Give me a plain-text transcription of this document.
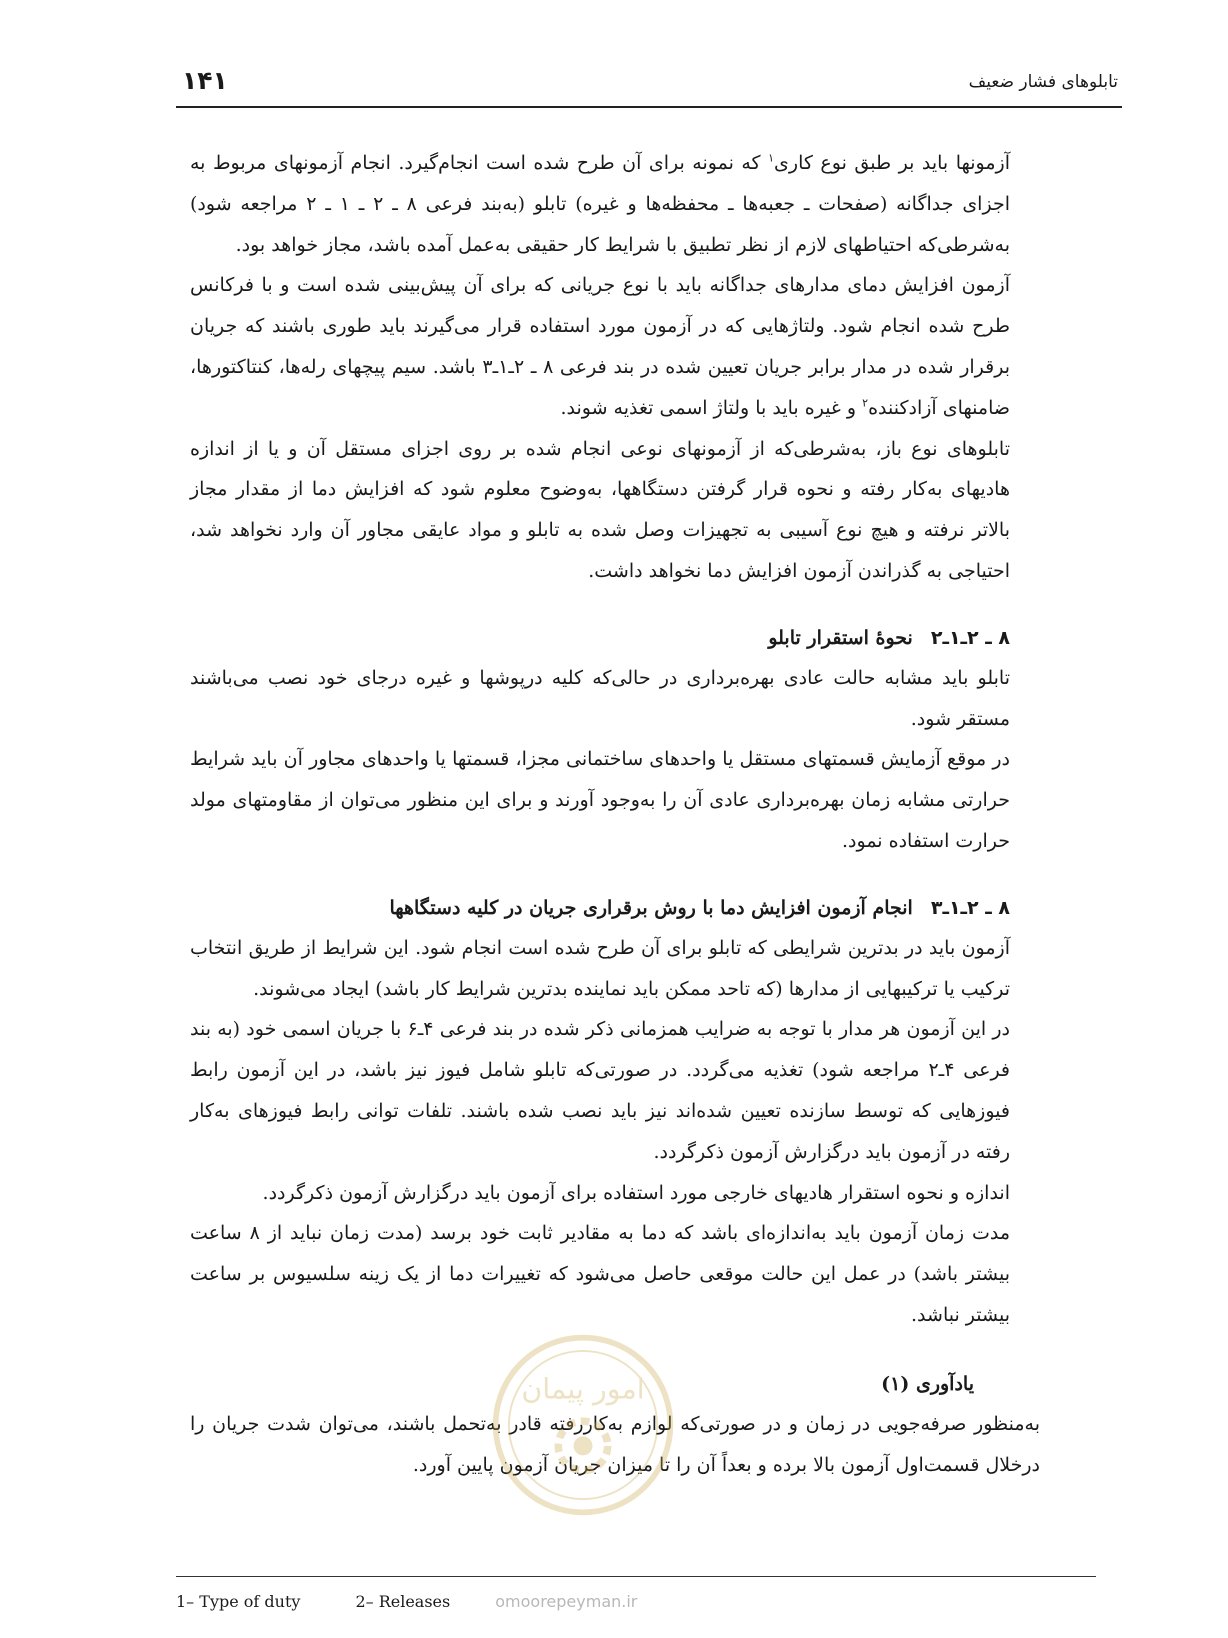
تابلوهای فشار ضعیف
۱۴۱

آزمونها باید بر طبق نوع کاری$^۱$ که نمونه برای آن طرح شده است انجام‌گیرد. انجام آزمونهای مربوط به اجزای جداگانه (صفحات ـ جعبه‌ها ـ محفظه‌ها و غیره) تابلو (به‌بند فرعی ۸ ـ ۲ ـ ۱ ـ ۲ مراجعه شود) به‌شرطی‌که احتیاطهای لازم از نظر تطبیق با شرایط کار حقیقی به‌عمل آمده باشد، مجاز خواهد بود.

آزمون افزایش دمای مدارهای جداگانه باید با نوع جریانی که برای آن پیش‌بینی شده است و با فرکانس طرح شده انجام شود. ولتاژهایی که در آزمون مورد استفاده قرار می‌گیرند باید طوری باشند که جریان برقرار شده در مدار برابر جریان تعیین شده در بند فرعی ۸ ـ ۲ـ۱ـ۳ باشد. سیم پیچهای رله‌ها، کنتاکتورها، ضامنهای آزادکننده$^۲$ و غیره باید با ولتاژ اسمی تغذیه شوند.

تابلوهای نوع باز، به‌شرطی‌که از آزمونهای نوعی انجام شده بر روی اجزای مستقل آن و یا از اندازه هادیهای به‌کار رفته و نحوه قرار گرفتن دستگاهها، به‌وضوح معلوم شود که افزایش دما از مقدار مجاز بالاتر نرفته و هیچ نوع آسیبی به تجهیزات وصل شده به تابلو و مواد عایقی مجاور آن وارد نخواهد شد، احتیاجی به گذراندن آزمون افزایش دما نخواهد داشت.

۸ ـ ۲ـ۱ـ۲
نحوهٔ استقرار تابلو

تابلو باید مشابه حالت عادی بهره‌برداری در حالی‌که کلیه درپوشها و غیره درجای خود نصب می‌باشند مستقر شود.

در موقع آزمایش قسمتهای مستقل یا واحدهای ساختمانی مجزا، قسمتها یا واحدهای مجاور آن باید شرایط حرارتی مشابه زمان بهره‌برداری عادی آن را به‌وجود آورند و برای این منظور می‌توان از مقاومتهای مولد حرارت استفاده نمود.

۸ ـ ۲ـ۱ـ۳
انجام آزمون افزایش دما با روش برقراری جریان در کلیه دستگاهها

آزمون باید در بدترین شرایطی که تابلو برای آن طرح شده است انجام شود. این شرایط از طریق انتخاب ترکیب یا ترکیبهایی از مدارها (که تاحد ممکن باید نماینده بدترین شرایط کار باشد) ایجاد می‌شوند.

در این آزمون هر مدار با توجه به ضرایب همزمانی ذکر شده در بند فرعی ۴ـ۶ با جریان اسمی خود (به بند فرعی ۴ـ۲ مراجعه شود) تغذیه می‌گردد. در صورتی‌که تابلو شامل فیوز نیز باشد، در این آزمون رابط فیوزهایی که توسط سازنده تعیین شده‌اند نیز باید نصب شده باشند. تلفات توانی رابط فیوزهای به‌کار رفته در آزمون باید درگزارش آزمون ذکرگردد.

اندازه و نحوه استقرار هادیهای خارجی مورد استفاده برای آزمون باید درگزارش آزمون ذکرگردد.

مدت زمان آزمون باید به‌اندازه‌ای باشد که دما به مقادیر ثابت خود برسد (مدت زمان نباید از ۸ ساعت بیشتر باشد) در عمل این حالت موقعی حاصل می‌شود که تغییرات دما از یک زینه سلسیوس بر ساعت بیشتر نباشد.

یادآوری (۱)

به‌منظور صرفه‌جویی در زمان و در صورتی‌که لوازم به‌کاررفته قادر به‌تحمل باشند، می‌توان شدت جریان را درخلال قسمت‌اول آزمون بالا برده و بعداً آن را تا میزان جریان آزمون پایین آورد.

امور پیمان
1– Type of duty	2– Releases	omoorepeyman.ir
